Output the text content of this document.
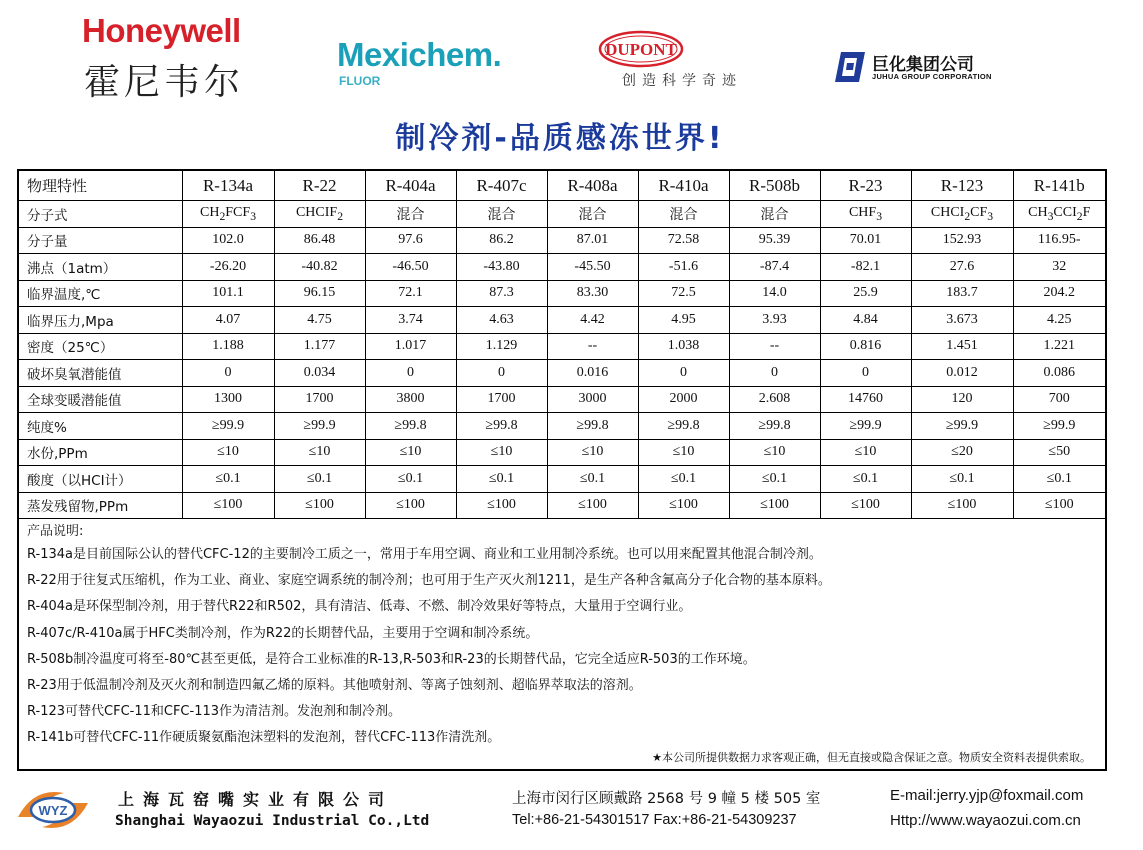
Honeywell
霍尼韦尔
Mexichem.
FLUOR
DUPONT
创造科学奇迹
巨化集团公司
JUHUA GROUP CORPORATION
制冷剂-品质感冻世界!
物理特性	R-134a	R-22	R-404a	R-407c	R-408a	R-410a	R-508b	R-23	R-123	R-141b
分子式	$CH_2FCF_3$	$CHCIF_2$	混合	混合	混合	混合	混合	$CHF_3$	$CHCI_2CF_3$	$CH_3CCI_2F$
分子量	102.0	86.48	97.6	86.2	87.01	72.58	95.39	70.01	152.93	116.95-
沸点（1atm）	-26.20	-40.82	-46.50	-43.80	-45.50	-51.6	-87.4	-82.1	27.6	32
临界温度,℃	101.1	96.15	72.1	87.3	83.30	72.5	14.0	25.9	183.7	204.2
临界压力,Mpa	4.07	4.75	3.74	4.63	4.42	4.95	3.93	4.84	3.673	4.25
密度（25℃）	1.188	1.177	1.017	1.129	--	1.038	--	0.816	1.451	1.221
破坏臭氧潜能值	0	0.034	0	0	0.016	0	0	0	0.012	0.086
全球变暖潜能值	1300	1700	3800	1700	3000	2000	2.608	14760	120	700
纯度%	≥99.9	≥99.9	≥99.8	≥99.8	≥99.8	≥99.8	≥99.8	≥99.9	≥99.9	≥99.9
水份,PPm	≤10	≤10	≤10	≤10	≤10	≤10	≤10	≤10	≤20	≤50
酸度（以HCI计）	≤0.1	≤0.1	≤0.1	≤0.1	≤0.1	≤0.1	≤0.1	≤0.1	≤0.1	≤0.1
蒸发残留物,PPm	≤100	≤100	≤100	≤100	≤100	≤100	≤100	≤100	≤100	≤100
产品说明:
R-134a是目前国际公认的替代CFC-12的主要制冷工质之一，常用于车用空调、商业和工业用制冷系统。也可以用来配置其他混合制冷剂。
R-22用于往复式压缩机，作为工业、商业、家庭空调系统的制冷剂；也可用于生产灭火剂1211，是生产各种含氟高分子化合物的基本原料。
R-404a是环保型制冷剂，用于替代R22和R502，具有清洁、低毒、不燃、制冷效果好等特点，大量用于空调行业。
R-407c/R-410a属于HFC类制冷剂，作为R22的长期替代品，主要用于空调和制冷系统。
R-508b制冷温度可将至-80℃甚至更低，是符合工业标准的R-13,R-503和R-23的长期替代品，它完全适应R-503的工作环境。
R-23用于低温制冷剂及灭火剂和制造四氟乙烯的原料。其他喷射剂、等离子蚀刻剂、超临界萃取法的溶剂。
R-123可替代CFC-11和CFC-113作为清洁剂。发泡剂和制冷剂。
R-141b可替代CFC-11作硬质聚氨酯泡沫塑料的发泡剂，替代CFC-113作清洗剂。
★本公司所提供数据力求客观正确，但无直接或隐含保证之意。物质安全资料表提供索取。
WYZ
上海瓦窑嘴实业有限公司
Shanghai Wayaozui Industrial Co.,Ltd
上海市闵行区顾戴路 2568 号 9 幢 5 楼 505 室
Tel:+86-21-54301517 Fax:+86-21-54309237
E-mail:jerry.yjp@foxmail.com
Http://www.wayaozui.com.cn
